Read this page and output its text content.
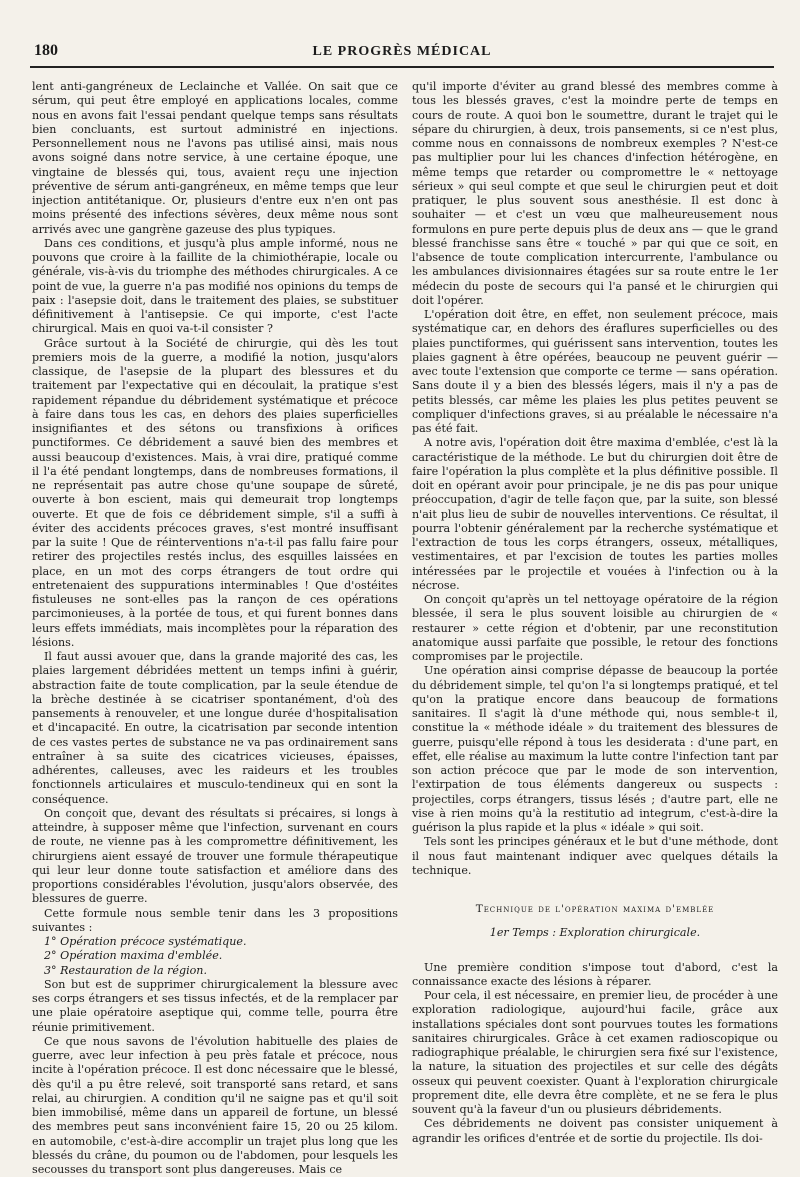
180	LE PROGRÈS MÉDICAL

lent anti-gangréneux de Leclainche et Vallée. On sait que ce sérum, qui peut être employé en applications locales, comme nous en avons fait l'essai pendant quelque temps sans résultats bien concluants, est surtout administré en injections. Personnellement nous ne l'avons pas utilisé ainsi, mais nous avons soigné dans notre service, à une certaine époque, une vingtaine de blessés qui, tous, avaient reçu une injection préventive de sérum anti-gangréneux, en même temps que leur injection antitétanique. Or, plusieurs d'entre eux n'en ont pas moins présenté des infections sévères, deux même nous sont arrivés avec une gangrène gazeuse des plus typiques.

Dans ces conditions, et jusqu'à plus ample informé, nous ne pouvons que croire à la faillite de la chimiothérapie, locale ou générale, vis-à-vis du triomphe des méthodes chirurgicales. A ce point de vue, la guerre n'a pas modifié nos opinions du temps de paix : l'asepsie doit, dans le traitement des plaies, se substituer définitivement à l'antisepsie. Ce qui importe, c'est l'acte chirurgical. Mais en quoi va-t-il consister ?

Grâce surtout à la Société de chirurgie, qui dès les tout premiers mois de la guerre, a modifié la notion, jusqu'alors classique, de l'asepsie de la plupart des blessures et du traitement par l'expectative qui en découlait, la pratique s'est rapidement répandue du débridement systématique et précoce à faire dans tous les cas, en dehors des plaies superficielles insignifiantes et des sétons ou transfixions à orifices punctiformes. Ce débridement a sauvé bien des membres et aussi beaucoup d'existences. Mais, à vrai dire, pratiqué comme il l'a été pendant longtemps, dans de nombreuses formations, il ne représentait pas autre chose qu'une soupape de sûreté, ouverte à bon escient, mais qui demeurait trop longtemps ouverte. Et que de fois ce débridement simple, s'il a suffi à éviter des accidents précoces graves, s'est montré insuffisant par la suite ! Que de réinterventions n'a-t-il pas fallu faire pour retirer des projectiles restés inclus, des esquilles laissées en place, en un mot des corps étrangers de tout ordre qui entretenaient des suppurations interminables ! Que d'ostéites fistuleuses ne sont-elles pas la rançon de ces opérations parcimonieuses, à la portée de tous, et qui furent bonnes dans leurs effets immédiats, mais incomplètes pour la réparation des lésions.

Il faut aussi avouer que, dans la grande majorité des cas, les plaies largement débridées mettent un temps infini à guérir, abstraction faite de toute complication, par la seule étendue de la brèche destinée à se cicatriser spontanément, d'où des pansements à renouveler, et une longue durée d'hospitalisation et d'incapacité. En outre, la cicatrisation par seconde intention de ces vastes pertes de substance ne va pas ordinairement sans entraîner à sa suite des cicatrices vicieuses, épaisses, adhérentes, calleuses, avec les raideurs et les troubles fonctionnels articulaires et musculo-tendineux qui en sont la conséquence.

On conçoit que, devant des résultats si précaires, si longs à atteindre, à supposer même que l'infection, survenant en cours de route, ne vienne pas à les compromettre définitivement, les chirurgiens aient essayé de trouver une formule thérapeutique qui leur leur donne toute satisfaction et améliore dans des proportions considérables l'évolution, jusqu'alors observée, des blessures de guerre.

Cette formule nous semble tenir dans les 3 propositions suivantes :

1° Opération précoce systématique.

2° Opération maxima d'emblée.

3° Restauration de la région.

Son but est de supprimer chirurgicalement la blessure avec ses corps étrangers et ses tissus infectés, et de la remplacer par une plaie opératoire aseptique qui, comme telle, pourra être réunie primitivement.

Ce que nous savons de l'évolution habituelle des plaies de guerre, avec leur infection à peu près fatale et précoce, nous incite à l'opération précoce. Il est donc nécessaire que le blessé, dès qu'il a pu être relevé, soit transporté sans retard, et sans relai, au chirurgien. A condition qu'il ne saigne pas et qu'il soit bien immobilisé, même dans un appareil de fortune, un blessé des membres peut sans inconvénient faire 15, 20 ou 25 kilom. en automobile, c'est-à-dire accomplir un trajet plus long que les blessés du crâne, du poumon ou de l'abdomen, pour lesquels les secousses du transport sont plus dangereuses. Mais ce

qu'il importe d'éviter au grand blessé des membres comme à tous les blessés graves, c'est la moindre perte de temps en cours de route. A quoi bon le soumettre, durant le trajet qui le sépare du chirurgien, à deux, trois pansements, si ce n'est plus, comme nous en connaissons de nombreux exemples ? N'est-ce pas multiplier pour lui les chances d'infection hétérogène, en même temps que retarder ou compromettre le « nettoyage sérieux » qui seul compte et que seul le chirurgien peut et doit pratiquer, le plus souvent sous anesthésie. Il est donc à souhaiter — et c'est un vœu que malheureusement nous formulons en pure perte depuis plus de deux ans — que le grand blessé franchisse sans être « touché » par qui que ce soit, en l'absence de toute complication intercurrente, l'ambulance ou les ambulances divisionnaires étagées sur sa route entre le 1er médecin du poste de secours qui l'a pansé et le chirurgien qui doit l'opérer.

L'opération doit être, en effet, non seulement précoce, mais systématique car, en dehors des éraflures superficielles ou des plaies punctiformes, qui guérissent sans intervention, toutes les plaies gagnent à être opérées, beaucoup ne peuvent guérir — avec toute l'extension que comporte ce terme — sans opération. Sans doute il y a bien des blessés légers, mais il n'y a pas de petits blessés, car même les plaies les plus petites peuvent se compliquer d'infections graves, si au préalable le nécessaire n'a pas été fait.

A notre avis, l'opération doit être maxima d'emblée, c'est là la caractéristique de la méthode. Le but du chirurgien doit être de faire l'opération la plus complète et la plus définitive possible. Il doit en opérant avoir pour principale, je ne dis pas pour unique préoccupation, d'agir de telle façon que, par la suite, son blessé n'ait plus lieu de subir de nouvelles interventions. Ce résultat, il pourra l'obtenir généralement par la recherche systématique et l'extraction de tous les corps étrangers, osseux, métalliques, vestimentaires, et par l'excision de toutes les parties molles intéressées par le projectile et vouées à l'infection ou à la nécrose.

On conçoit qu'après un tel nettoyage opératoire de la région blessée, il sera le plus souvent loisible au chirurgien de « restaurer » cette région et d'obtenir, par une reconstitution anatomique aussi parfaite que possible, le retour des fonctions compromises par le projectile.

Une opération ainsi comprise dépasse de beaucoup la portée du débridement simple, tel qu'on l'a si longtemps pratiqué, et tel qu'on la pratique encore dans beaucoup de formations sanitaires. Il s'agit là d'une méthode qui, nous semble-t il, constitue la « méthode idéale » du traitement des blessures de guerre, puisqu'elle répond à tous les desiderata : d'une part, en effet, elle réalise au maximum la lutte contre l'infection tant par son action précoce que par le mode de son intervention, l'extirpation de tous éléments dangereux ou suspects : projectiles, corps étrangers, tissus lésés ; d'autre part, elle ne vise à rien moins qu'à la restitutio ad integrum, c'est-à-dire la guérison la plus rapide et la plus « idéale » qui soit.

Tels sont les principes généraux et le but d'une méthode, dont il nous faut maintenant indiquer avec quelques détails la technique.

Technique de l'opération maxima d'emblée

1er Temps : Exploration chirurgicale.

Une première condition s'impose tout d'abord, c'est la connaissance exacte des lésions à réparer.

Pour cela, il est nécessaire, en premier lieu, de procéder à une exploration radiologique, aujourd'hui facile, grâce aux installations spéciales dont sont pourvues toutes les formations sanitaires chirurgicales. Grâce à cet examen radioscopique ou radiographique préalable, le chirurgien sera fixé sur l'existence, la nature, la situation des projectiles et sur celle des dégâts osseux qui peuvent coexister. Quant à l'exploration chirurgicale proprement dite, elle devra être complète, et ne se fera le plus souvent qu'à la faveur d'un ou plusieurs débridements.

Ces débridements ne doivent pas consister uniquement à agrandir les orifices d'entrée et de sortie du projectile. Ils doi-
